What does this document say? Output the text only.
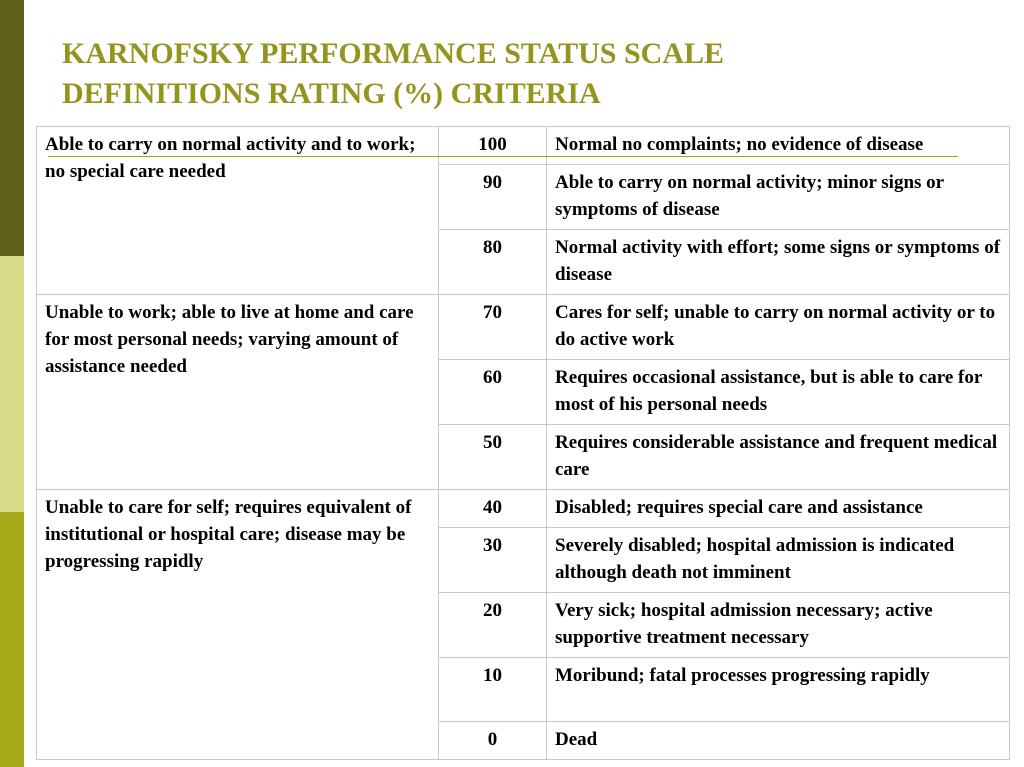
KARNOFSKY PERFORMANCE STATUS SCALE
DEFINITIONS RATING (%) CRITERIA
Able to carry on normal activity and to work; no special care needed	100	Normal no complaints; no evidence of disease
	90	Able to carry on normal activity; minor signs or symptoms of disease
	80	Normal activity with effort; some signs or symptoms of disease
Unable to work; able to live at home and care for most personal needs; varying amount of assistance needed	70	Cares for self; unable to carry on normal activity or to do active work
	60	Requires occasional assistance, but is able to care for most of his personal needs
	50	Requires considerable assistance and frequent medical care
Unable to care for self; requires equivalent of institutional or hospital care; disease may be progressing rapidly	40	Disabled; requires special care and assistance
	30	Severely disabled; hospital admission is indicated although death not imminent
	20	Very sick; hospital admission necessary; active supportive treatment necessary
	10	Moribund; fatal processes progressing rapidly
	0	Dead
